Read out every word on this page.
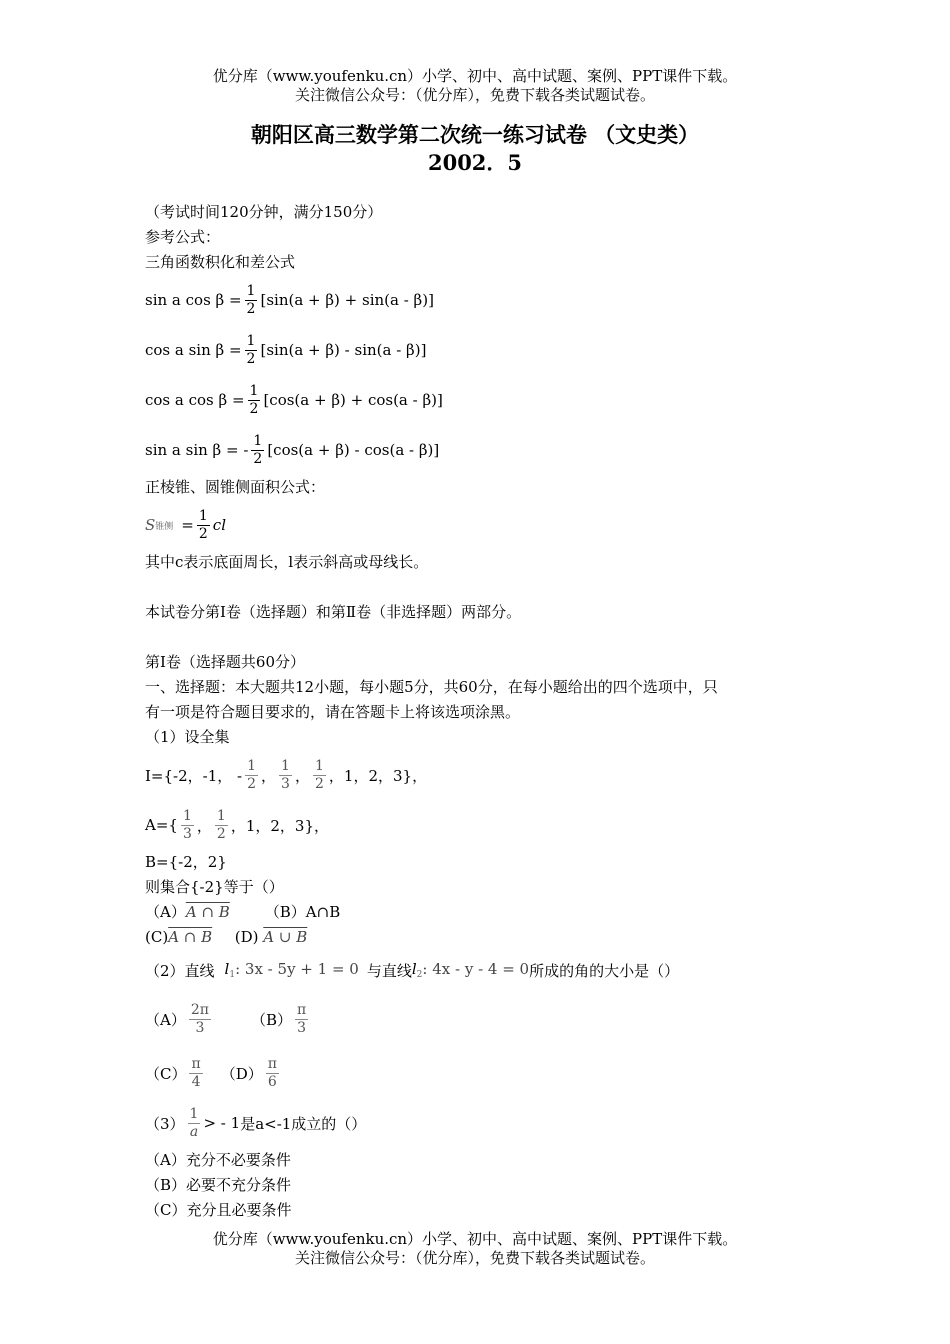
优分库（www.youfenku.cn）小学、初中、高中试题、案例、PPT课件下载。
关注微信公众号：（优分库），免费下载各类试题试卷。
朝阳区高三数学第二次统一练习试卷 （文史类）
2002．5
（考试时间120分钟，满分150分）
参考公式：
三角函数积化和差公式
sin a $\cos \beta = \frac{1}{2} [\sin(a + \beta) + \sin(a - \beta)]$
cos a $\sin \beta = \frac{1}{2} [\sin(a + \beta) - \sin(a - \beta)]$
cos a $\cos \beta = \frac{1}{2} [\cos(a + \beta) + \cos(a - \beta)]$
sin a sin β = - $\frac{1}{2} [\cos(a + \beta) - \cos(a - \beta)]$
正棱锥、圆锥侧面积公式：
S 锥侧 = $\frac{1}{2}$ cl
其中c表示底面周长，l表示斜高或母线长。
本试卷分第Ⅰ卷（选择题）和第Ⅱ卷（非选择题）两部分。
第Ⅰ卷（选择题共60分）
一、选择题：本大题共12小题，每小题5分，共60分，在每小题给出的四个选项中，只
有一项是符合题目要求的，请在答题卡上将该选项涂黑。
（1）设全集
I={-2，-1， - $\frac{1}{2}$ ， $\frac{1}{3}$ ， $\frac{1}{2}$ ，1，2，3}，
$A=\{ \frac{1}{3}$ ， $\frac{1}{2}$ ，1，2，3}，
B={-2，2}
则集合{-2}等于（）
（A）A ∩ B （B）A∩B
(C)A ∩ B (D) A ∪ B
（2）直线 $l_1$: 3x - 5y + 1 = 0 与直线 $l_2$: 4x - y - 4 = 0 所成的角的大小是（）
$(A) \frac{2\pi}{3}$	$(B) \frac{\pi}{3}$
$(C) \frac{\pi}{4} (D) \frac{\pi}{6}$
$(3) \frac{1}{a}$ > - 1 是a<-1成立的（）
（A）充分不必要条件
（B）必要不充分条件
（C）充分且必要条件
优分库（www.youfenku.cn）小学、初中、高中试题、案例、PPT课件下载。
关注微信公众号：（优分库），免费下载各类试题试卷。
